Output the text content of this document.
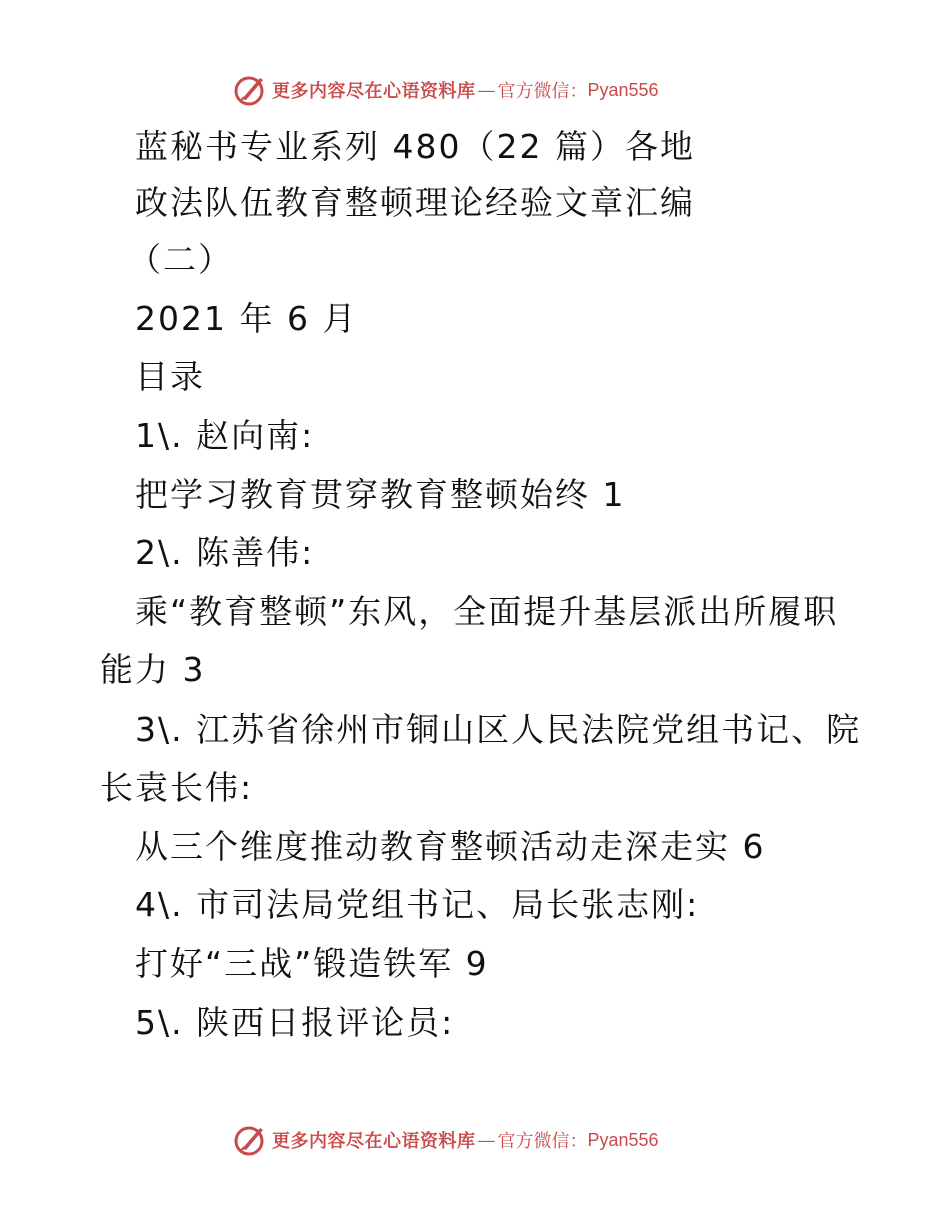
更多内容尽在心语资料库 — 官方微信： Pyan556
蓝秘书专业系列 480（22 篇）各地
政法队伍教育整顿理论经验文章汇编
（二）
2021 年 6 月
目录
1\. 赵向南:
把学习教育贯穿教育整顿始终 1
2\. 陈善伟:
乘“教育整顿”东风，全面提升基层派出所履职
能力 3
3\. 江苏省徐州市铜山区人民法院党组书记、院
长袁长伟:
从三个维度推动教育整顿活动走深走实 6
4\. 市司法局党组书记、局长张志刚:
打好“三战”锻造铁军 9
5\. 陕西日报评论员:
更多内容尽在心语资料库 — 官方微信： Pyan556
